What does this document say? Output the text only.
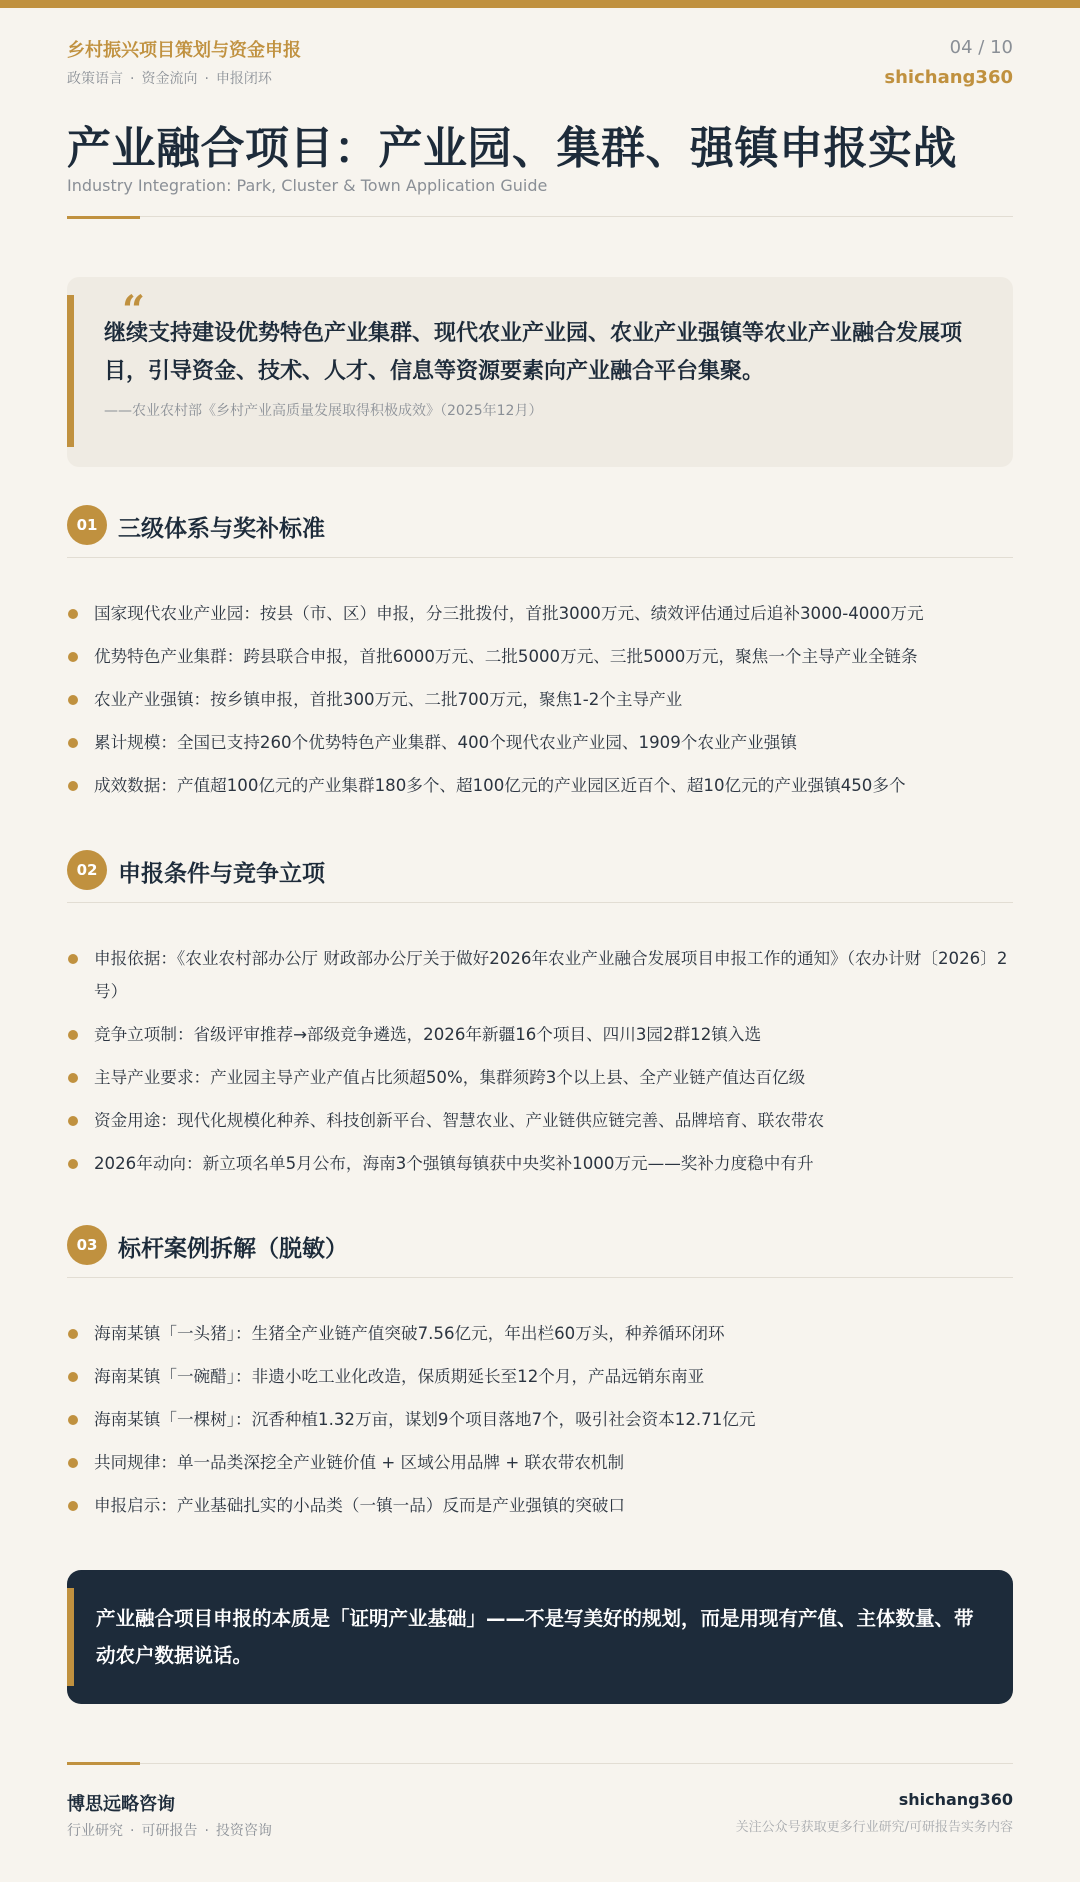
乡村振兴项目策划与资金申报
政策语言 · 资金流向 · 申报闭环
04 / 10
shichang360
产业融合项目：产业园、集群、强镇申报实战
Industry Integration: Park, Cluster & Town Application Guide
“
继续支持建设优势特色产业集群、现代农业产业园、农业产业强镇等农业产业融合发展项目，引导资金、技术、人才、信息等资源要素向产业融合平台集聚。
——农业农村部《乡村产业高质量发展取得积极成效》（2025年12月）
01 三级体系与奖补标准
国家现代农业产业园：按县（市、区）申报，分三批拨付，首批3000万元、绩效评估通过后追补3000-4000万元
优势特色产业集群：跨县联合申报，首批6000万元、二批5000万元、三批5000万元，聚焦一个主导产业全链条
农业产业强镇：按乡镇申报，首批300万元、二批700万元，聚焦1-2个主导产业
累计规模：全国已支持260个优势特色产业集群、400个现代农业产业园、1909个农业产业强镇
成效数据：产值超100亿元的产业集群180多个、超100亿元的产业园区近百个、超10亿元的产业强镇450多个
02 申报条件与竞争立项
申报依据：《农业农村部办公厅 财政部办公厅关于做好2026年农业产业融合发展项目申报工作的通知》（农办计财〔2026〕2号）
竞争立项制：省级评审推荐→部级竞争遴选，2026年新疆16个项目、四川3园2群12镇入选
主导产业要求：产业园主导产业产值占比须超50%，集群须跨3个以上县、全产业链产值达百亿级
资金用途：现代化规模化种养、科技创新平台、智慧农业、产业链供应链完善、品牌培育、联农带农
2026年动向：新立项名单5月公布，海南3个强镇每镇获中央奖补1000万元——奖补力度稳中有升
03 标杆案例拆解（脱敏）
海南某镇「一头猪」：生猪全产业链产值突破7.56亿元，年出栏60万头，种养循环闭环
海南某镇「一碗醋」：非遗小吃工业化改造，保质期延长至12个月，产品远销东南亚
海南某镇「一棵树」：沉香种植1.32万亩，谋划9个项目落地7个，吸引社会资本12.71亿元
共同规律：单一品类深挖全产业链价值 + 区域公用品牌 + 联农带农机制
申报启示：产业基础扎实的小品类（一镇一品）反而是产业强镇的突破口
产业融合项目申报的本质是「证明产业基础」——不是写美好的规划，而是用现有产值、主体数量、带动农户数据说话。
博思远略咨询
行业研究 · 可研报告 · 投资咨询
shichang360
关注公众号获取更多行业研究/可研报告实务内容
